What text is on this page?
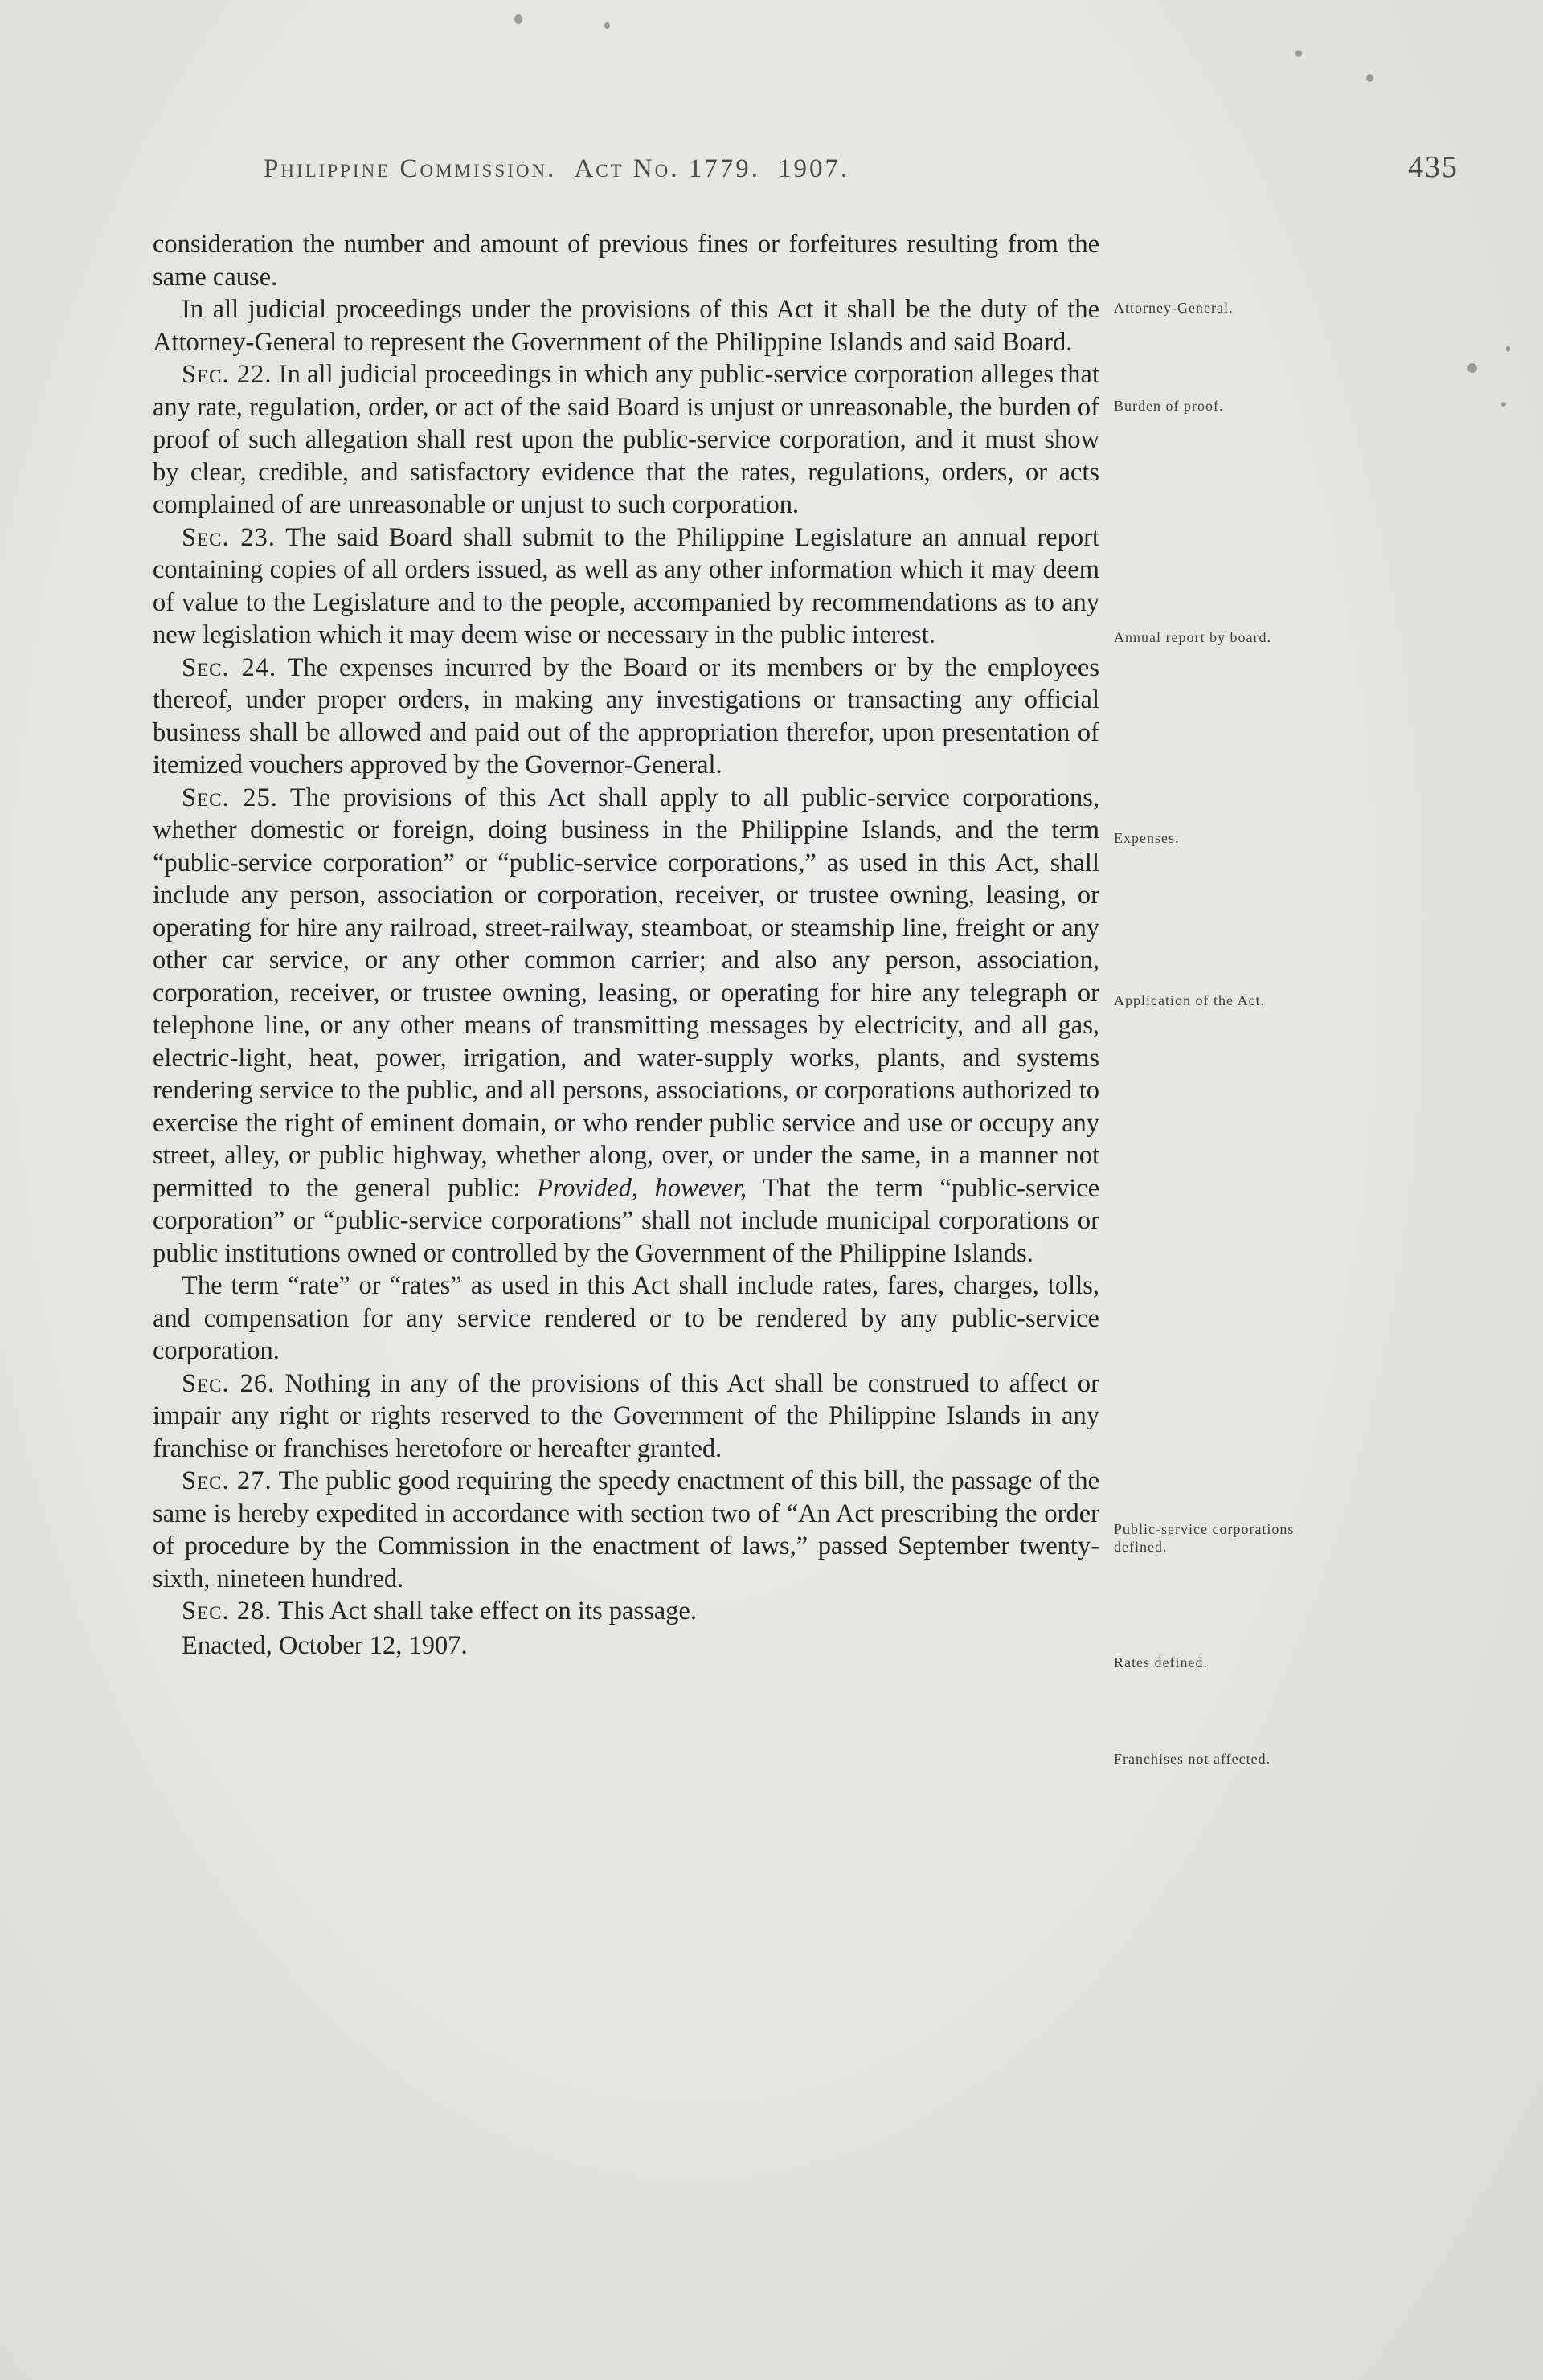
Philippine Commission. Act No. 1779. 1907.	435

consideration the number and amount of previous fines or forfeitures resulting from the same cause.

In all judicial proceedings under the provisions of this Act it shall be the duty of the Attorney-General to represent the Government of the Philippine Islands and said Board.

Sec. 22. In all judicial proceedings in which any public-service corporation alleges that any rate, regulation, order, or act of the said Board is unjust or unreasonable, the burden of proof of such allegation shall rest upon the public-service corporation, and it must show by clear, credible, and satisfactory evidence that the rates, regulations, orders, or acts complained of are unreasonable or unjust to such corporation.

Sec. 23. The said Board shall submit to the Philippine Legislature an annual report containing copies of all orders issued, as well as any other information which it may deem of value to the Legislature and to the people, accompanied by recommendations as to any new legislation which it may deem wise or necessary in the public interest.

Sec. 24. The expenses incurred by the Board or its members or by the employees thereof, under proper orders, in making any investigations or transacting any official business shall be allowed and paid out of the appropriation therefor, upon presentation of itemized vouchers approved by the Governor-General.

Sec. 25. The provisions of this Act shall apply to all public-service corporations, whether domestic or foreign, doing business in the Philippine Islands, and the term “public-service corporation” or “public-service corporations,” as used in this Act, shall include any person, association or corporation, receiver, or trustee owning, leasing, or operating for hire any railroad, street-railway, steamboat, or steamship line, freight or any other car service, or any other common carrier; and also any person, association, corporation, receiver, or trustee owning, leasing, or operating for hire any telegraph or telephone line, or any other means of transmitting messages by electricity, and all gas, electric-light, heat, power, irrigation, and water-supply works, plants, and systems rendering service to the public, and all persons, associations, or corporations authorized to exercise the right of eminent domain, or who render public service and use or occupy any street, alley, or public highway, whether along, over, or under the same, in a manner not permitted to the general public: Provided, however, That the term “public-service corporation” or “public-service corporations” shall not include municipal corporations or public institutions owned or controlled by the Government of the Philippine Islands.

The term “rate” or “rates” as used in this Act shall include rates, fares, charges, tolls, and compensation for any service rendered or to be rendered by any public-service corporation.

Sec. 26. Nothing in any of the provisions of this Act shall be construed to affect or impair any right or rights reserved to the Government of the Philippine Islands in any franchise or franchises heretofore or hereafter granted.

Sec. 27. The public good requiring the speedy enactment of this bill, the passage of the same is hereby expedited in accordance with section two of “An Act prescribing the order of procedure by the Commission in the enactment of laws,” passed September twenty-sixth, nineteen hundred.

Sec. 28. This Act shall take effect on its passage.

Enacted, October 12, 1907.

Attorney-General.
Burden of proof.
Annual report by board.
Expenses.
Application of the Act.
Public-service corporations defined.
Rates defined.
Franchises not affected.
